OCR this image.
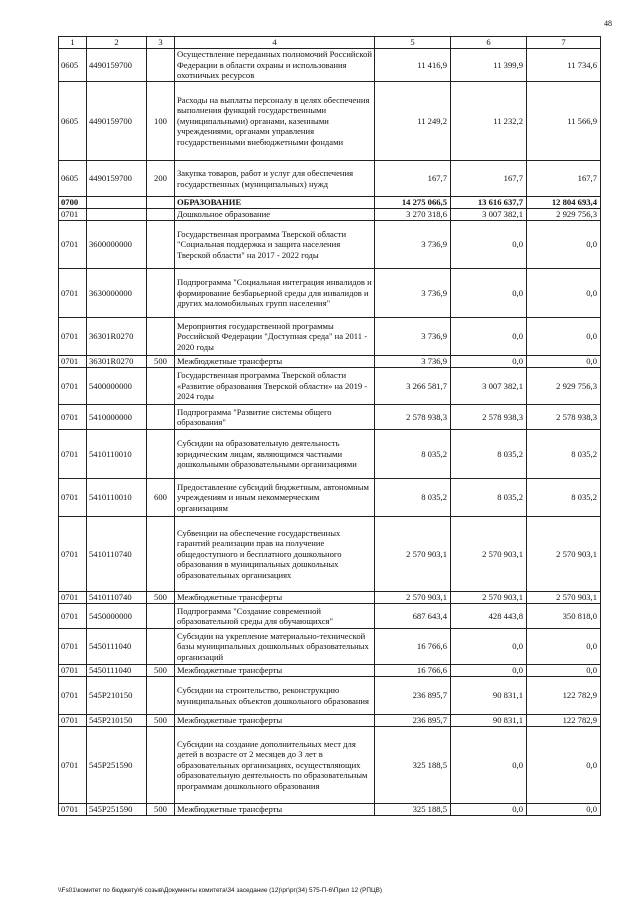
48
1	2	3	4	5	6	7
0605	4490159700		Осуществление переданных полномочий Российской Федерации в области охраны и использования охотничьих ресурсов	11 416,9	11 399,9	11 734,6
0605	4490159700	100	Расходы на выплаты персоналу в целях обеспечения выполнения функций государственными (муниципальными) органами, казенными учреждениями, органами управления государственными внебюджетными фондами	11 249,2	11 232,2	11 566,9
0605	4490159700	200	Закупка товаров, работ и услуг для обеспечения государственных (муниципальных) нужд	167,7	167,7	167,7
0700			ОБРАЗОВАНИЕ	14 275 066,5	13 616 637,7	12 804 693,4
0701			Дошкольное образование	3 270 318,6	3 007 382,1	2 929 756,3
0701	3600000000		Государственная программа Тверской области "Социальная поддержка и защита населения Тверской области" на 2017 - 2022 годы	3 736,9	0,0	0,0
0701	3630000000		Подпрограмма "Социальная интеграция инвалидов и формирование безбарьерной среды для инвалидов и других маломобильных групп населения"	3 736,9	0,0	0,0
0701	36301R0270		Мероприятия государственной программы Российской Федерации "Доступная среда" на 2011 - 2020 годы	3 736,9	0,0	0,0
0701	36301R0270	500	Межбюджетные трансферты	3 736,9	0,0	0,0
0701	5400000000		Государственная программа Тверской области «Развитие образования Тверской области» на 2019 - 2024 годы	3 266 581,7	3 007 382,1	2 929 756,3
0701	5410000000		Подпрограмма "Развитие системы общего образования"	2 578 938,3	2 578 938,3	2 578 938,3
0701	5410110010		Субсидии на образовательную деятельность юридическим лицам, являющимся частными дошкольными образовательными организациями	8 035,2	8 035,2	8 035,2
0701	5410110010	600	Предоставление субсидий бюджетным, автономным учреждениям и иным некоммерческим организациям	8 035,2	8 035,2	8 035,2
0701	5410110740		Субвенции на обеспечение государственных гарантий реализации прав на получение общедоступного и бесплатного дошкольного образования в муниципальных дошкольных образовательных организациях	2 570 903,1	2 570 903,1	2 570 903,1
0701	5410110740	500	Межбюджетные трансферты	2 570 903,1	2 570 903,1	2 570 903,1
0701	5450000000		Подпрограмма "Создание современной образовательной среды для обучающихся"	687 643,4	428 443,8	350 818,0
0701	5450111040		Субсидии на укрепление материально-технической базы муниципальных дошкольных образовательных организаций	16 766,6	0,0	0,0
0701	5450111040	500	Межбюджетные трансферты	16 766,6	0,0	0,0
0701	545P210150		Субсидии на строительство, реконструкцию муниципальных объектов дошкольного образования	236 895,7	90 831,1	122 782,9
0701	545P210150	500	Межбюджетные трансферты	236 895,7	90 831,1	122 782,9
0701	545P251590		Субсидии на создание дополнительных мест для детей в возрасте от 2 месяцев до 3 лет в образовательных организациях, осуществляющих образовательную деятельность по образовательным программам дошкольного образования	325 188,5	0,0	0,0
0701	545P251590	500	Межбюджетные трансферты	325 188,5	0,0	0,0
\\Fs01\комитет по бюджету\6 созыв\Документы комитета\34 заседание (12)\рг\рг(34) 575-П-6\Прил 12 (РПЦВ)
